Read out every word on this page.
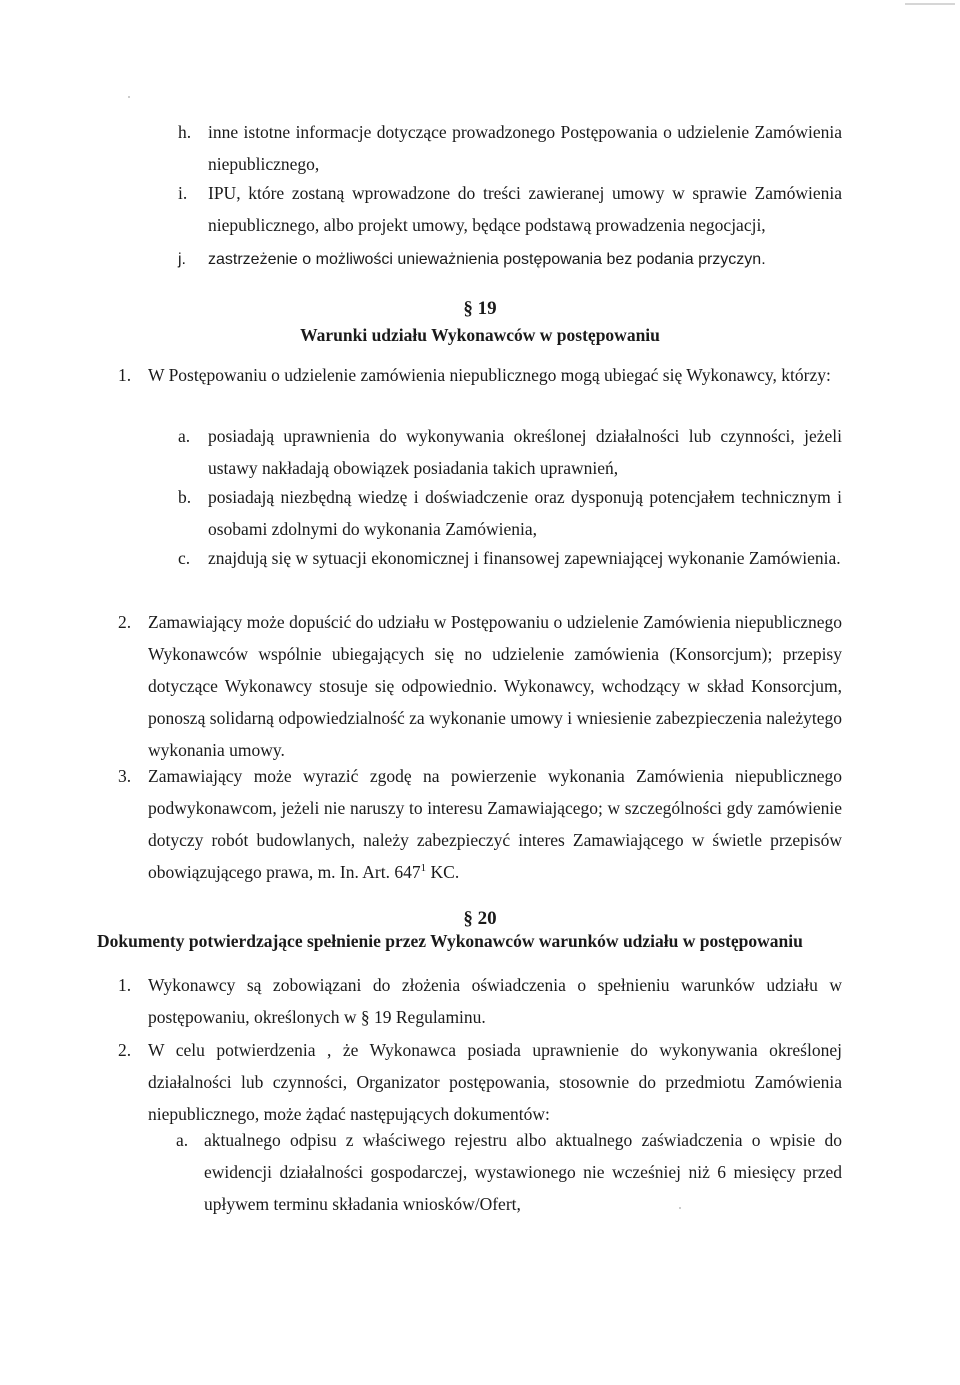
h. inne istotne informacje dotyczące prowadzonego Postępowania o udzielenie Zamówienia niepublicznego,
i. IPU, które zostaną wprowadzone do treści zawieranej umowy w sprawie Zamówienia niepublicznego, albo projekt umowy, będące podstawą prowadzenia negocjacji,
j. zastrzeżenie o możliwości unieważnienia postępowania bez podania przyczyn.
§ 19
Warunki udziału Wykonawców w postępowaniu
1. W Postępowaniu o udzielenie zamówienia niepublicznego mogą ubiegać się Wykonawcy, którzy:
a. posiadają uprawnienia do wykonywania określonej działalności lub czynności, jeżeli ustawy nakładają obowiązek posiadania takich uprawnień,
b. posiadają niezbędną wiedzę i doświadczenie oraz dysponują potencjałem technicznym i osobami zdolnymi do wykonania Zamówienia,
c. znajdują się w sytuacji ekonomicznej i finansowej zapewniającej wykonanie Zamówienia.
2. Zamawiający może dopuścić do udziału w Postępowaniu o udzielenie Zamówienia niepublicznego Wykonawców wspólnie ubiegających się no udzielenie zamówienia (Konsorcjum); przepisy dotyczące Wykonawcy stosuje się odpowiednio. Wykonawcy, wchodzący w skład Konsorcjum, ponoszą solidarną odpowiedzialność za wykonanie umowy i wniesienie zabezpieczenia należytego wykonania umowy.
3. Zamawiający może wyrazić zgodę na powierzenie wykonania Zamówienia niepublicznego podwykonawcom, jeżeli nie naruszy to interesu Zamawiającego; w szczególności gdy zamówienie dotyczy robót budowlanych, należy zabezpieczyć interes Zamawiającego w świetle przepisów obowiązującego prawa, m. In. Art. $647^1$ KC.
§ 20
Dokumenty potwierdzające spełnienie przez Wykonawców warunków udziału w postępowaniu
1. Wykonawcy są zobowiązani do złożenia oświadczenia o spełnieniu warunków udziału w postępowaniu, określonych w § 19 Regulaminu.
2. W celu potwierdzenia , że Wykonawca posiada uprawnienie do wykonywania określonej działalności lub czynności, Organizator postępowania, stosownie do przedmiotu Zamówienia niepublicznego, może żądać następujących dokumentów:
a. aktualnego odpisu z właściwego rejestru albo aktualnego zaświadczenia o wpisie do ewidencji działalności gospodarczej, wystawionego nie wcześniej niż 6 miesięcy przed upływem terminu składania wniosków/Ofert,
